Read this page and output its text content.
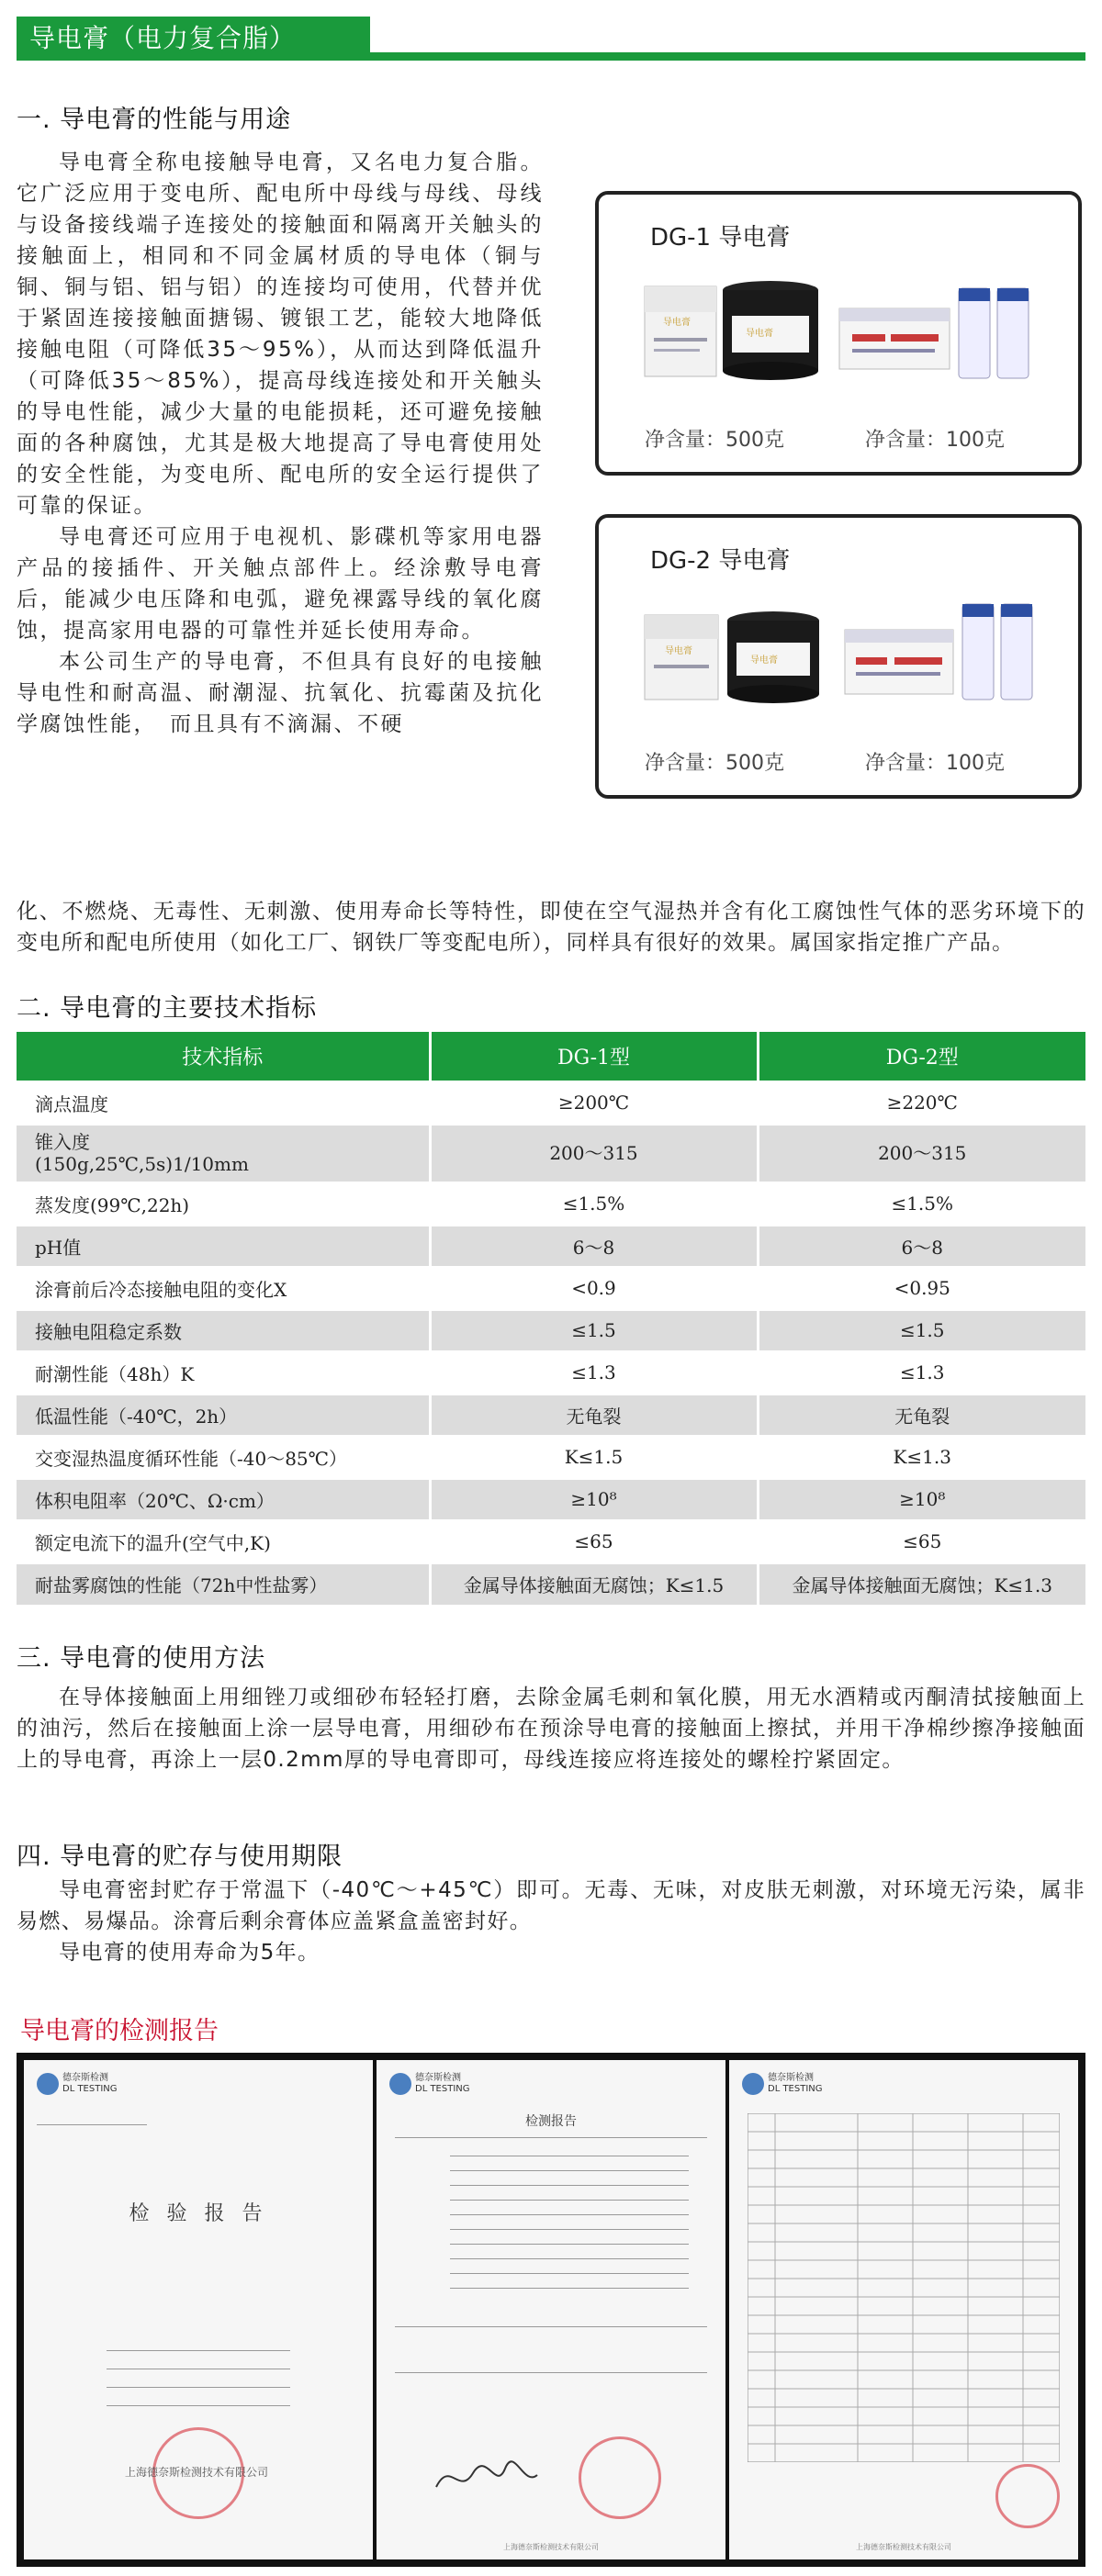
导电膏（电力复合脂）
一. 导电膏的性能与用途

导电膏全称电接触导电膏，又名电力复合脂。它广泛应用于变电所、配电所中母线与母线、母线与设备接线端子连接处的接触面和隔离开关触头的接触面上，相同和不同金属材质的导电体（铜与铜、铜与铝、铝与铝）的连接均可使用，代替并优于紧固连接接触面搪锡、镀银工艺，能较大地降低接触电阻（可降低35～95%），从而达到降低温升（可降低35～85%），提高母线连接处和开关触头的导电性能，减少大量的电能损耗，还可避免接触面的各种腐蚀，尤其是极大地提高了导电膏使用处的安全性能，为变电所、配电所的安全运行提供了可靠的保证。

导电膏还可应用于电视机、影碟机等家用电器产品的接插件、开关触点部件上。经涂敷导电膏后，能减少电压降和电弧，避免裸露导线的氧化腐蚀，提高家用电器的可靠性并延长使用寿命。

本公司生产的导电膏，不但具有良好的电接触导电性和耐高温、耐潮湿、抗氧化、抗霉菌及抗化学腐蚀性能，　而且具有不滴漏、不硬

化、不燃烧、无毒性、无刺激、使用寿命长等特性，即使在空气湿热并含有化工腐蚀性气体的恶劣环境下的变电所和配电所使用（如化工厂、钢铁厂等变配电所），同样具有很好的效果。属国家指定推广产品。
DG-1 导电膏
导电膏
导电膏
净含量：500克	净含量：100克
DG-2 导电膏
导电膏
导电膏
净含量：500克	净含量：100克
二. 导电膏的主要技术指标
技术指标	DG-1型	DG-2型
滴点温度	≥200℃	≥220℃
锥入度
(150g,25℃,5s)1/10mm	200～315	200～315
蒸发度(99℃,22h)	≤1.5%	≤1.5%
pH值	6～8	6～8
涂膏前后冷态接触电阻的变化X	<0.9	<0.95
接触电阻稳定系数	≤1.5	≤1.5
耐潮性能（48h）K	≤1.3	≤1.3
低温性能（-40℃，2h）	无龟裂	无龟裂
交变湿热温度循环性能（-40～85℃）	K≤1.5	K≤1.3
体积电阻率（20℃、Ω·cm）	≥10⁸	≥10⁸
额定电流下的温升(空气中,K)	≤65	≤65
耐盐雾腐蚀的性能（72h中性盐雾）	金属导体接触面无腐蚀；K≤1.5	金属导体接触面无腐蚀；K≤1.3
三. 导电膏的使用方法

在导体接触面上用细锉刀或细砂布轻轻打磨，去除金属毛刺和氧化膜，用无水酒精或丙酮清拭接触面上的油污，然后在接触面上涂一层导电膏，用细砂布在预涂导电膏的接触面上擦拭，并用干净棉纱擦净接触面上的导电膏，再涂上一层0.2mm厚的导电膏即可，母线连接应将连接处的螺栓拧紧固定。

四. 导电膏的贮存与使用期限

导电膏密封贮存于常温下（-40℃～+45℃）即可。无毒、无味，对皮肤无刺激，对环境无污染，属非易燃、易爆品。涂膏后剩余膏体应盖紧盒盖密封好。

导电膏的使用寿命为5年。

导电膏的检测报告
德奈斯检测
DL TESTING
检 验 报 告
上海德奈斯检测技术有限公司
德奈斯检测
DL TESTING
检测报告
上海德奈斯检测技术有限公司
德奈斯检测
DL TESTING
上海德奈斯检测技术有限公司
